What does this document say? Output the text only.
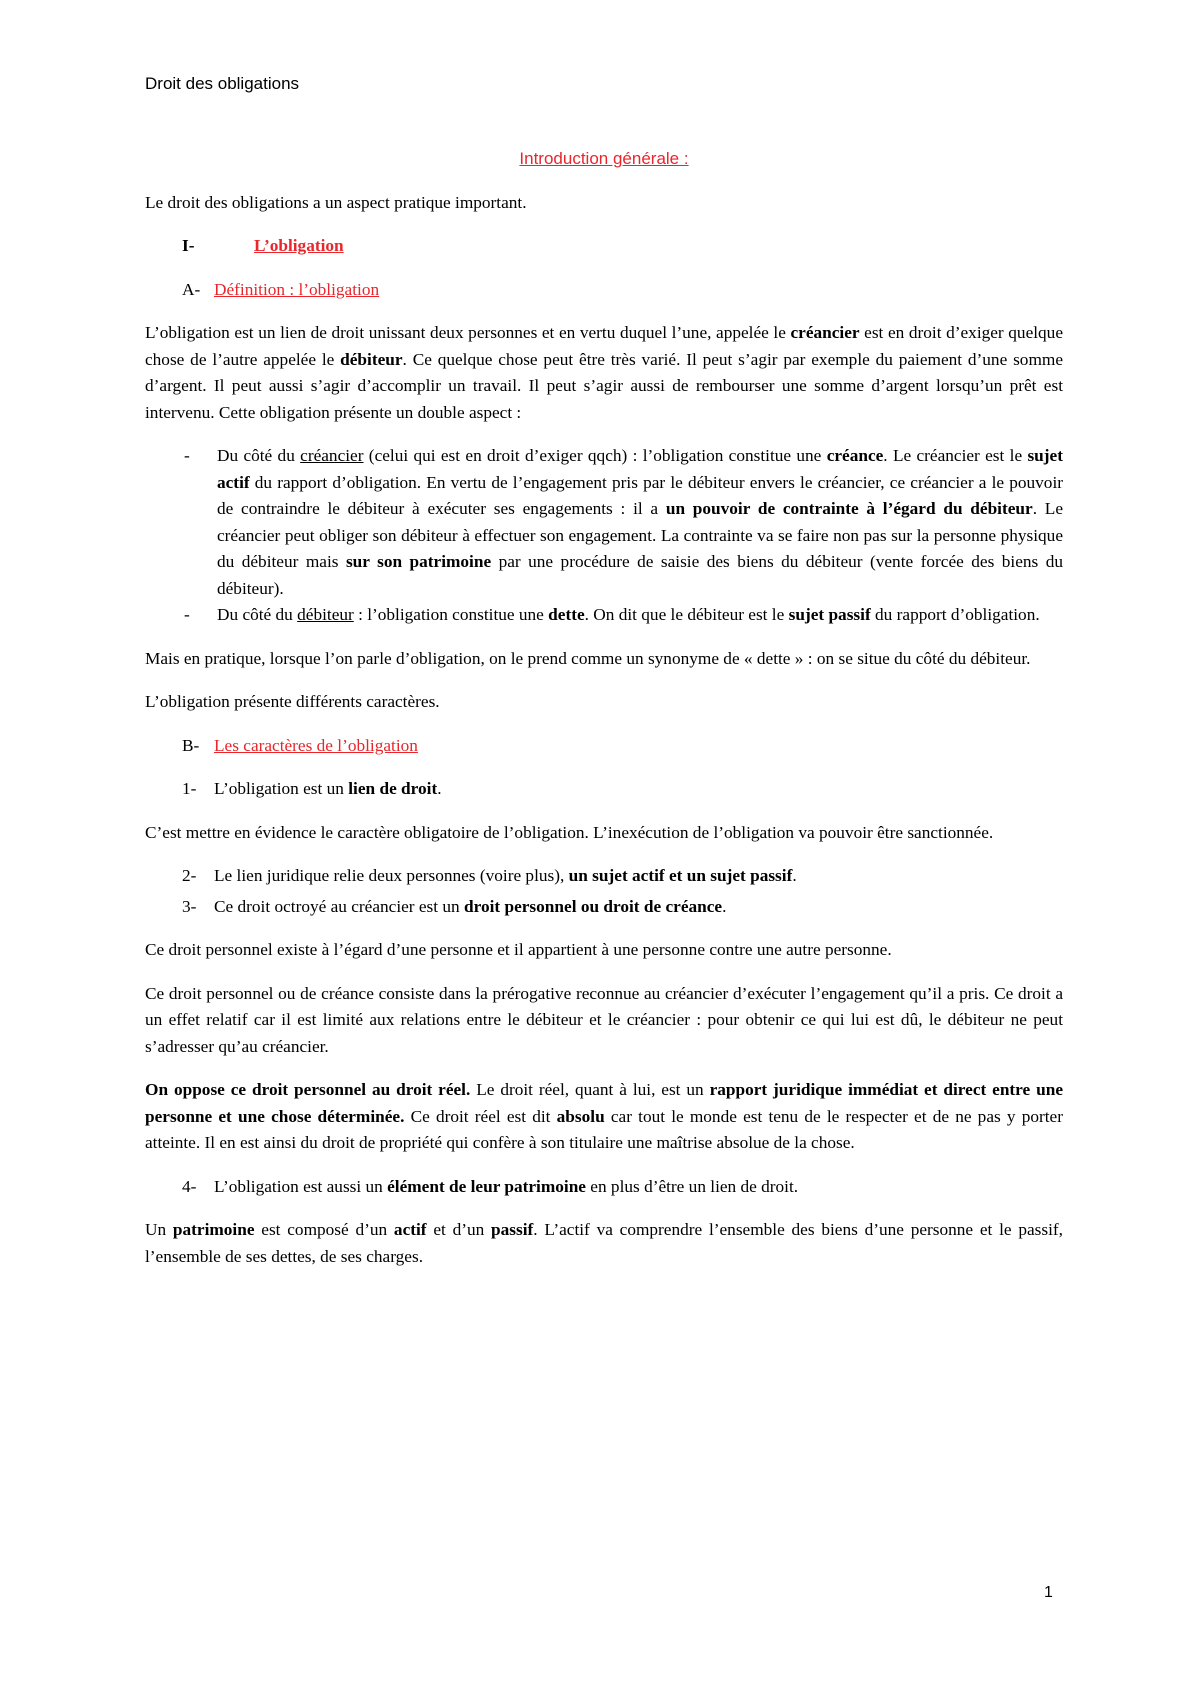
Droit des obligations
Introduction générale :

Le droit des obligations a un aspect pratique important.

I-	L’obligation
A- Définition : l’obligation

L’obligation est un lien de droit unissant deux personnes et en vertu duquel l’une, appelée le créancier est en droit d’exiger quelque chose de l’autre appelée le débiteur. Ce quelque chose peut être très varié. Il peut s’agir par exemple du paiement d’une somme d’argent. Il peut aussi s’agir d’accomplir un travail. Il peut s’agir aussi de rembourser une somme d’argent lorsqu’un prêt est intervenu. Cette obligation présente un double aspect :

-	Du côté du créancier (celui qui est en droit d’exiger qqch) : l’obligation constitue une créance. Le créancier est le sujet actif du rapport d’obligation. En vertu de l’engagement pris par le débiteur envers le créancier, ce créancier a le pouvoir de contraindre le débiteur à exécuter ses engagements : il a un pouvoir de contrainte à l’égard du débiteur. Le créancier peut obliger son débiteur à effectuer son engagement. La contrainte va se faire non pas sur la personne physique du débiteur mais sur son patrimoine par une procédure de saisie des biens du débiteur (vente forcée des biens du débiteur).
-	Du côté du débiteur : l’obligation constitue une dette. On dit que le débiteur est le sujet passif du rapport d’obligation.

Mais en pratique, lorsque l’on parle d’obligation, on le prend comme un synonyme de « dette » : on se situe du côté du débiteur.

L’obligation présente différents caractères.

B- Les caractères de l’obligation
1-	L’obligation est un lien de droit.

C’est mettre en évidence le caractère obligatoire de l’obligation. L’inexécution de l’obligation va pouvoir être sanctionnée.

2-	Le lien juridique relie deux personnes (voire plus), un sujet actif et un sujet passif.
3-	Ce droit octroyé au créancier est un droit personnel ou droit de créance.

Ce droit personnel existe à l’égard d’une personne et il appartient à une personne contre une autre personne.

Ce droit personnel ou de créance consiste dans la prérogative reconnue au créancier d’exécuter l’engagement qu’il a pris. Ce droit a un effet relatif car il est limité aux relations entre le débiteur et le créancier : pour obtenir ce qui lui est dû, le débiteur ne peut s’adresser qu’au créancier.

On oppose ce droit personnel au droit réel. Le droit réel, quant à lui, est un rapport juridique immédiat et direct entre une personne et une chose déterminée. Ce droit réel est dit absolu car tout le monde est tenu de le respecter et de ne pas y porter atteinte. Il en est ainsi du droit de propriété qui confère à son titulaire une maîtrise absolue de la chose.

4-	L’obligation est aussi un élément de leur patrimoine en plus d’être un lien de droit.

Un patrimoine est composé d’un actif et d’un passif. L’actif va comprendre l’ensemble des biens d’une personne et le passif, l’ensemble de ses dettes, de ses charges.

1
